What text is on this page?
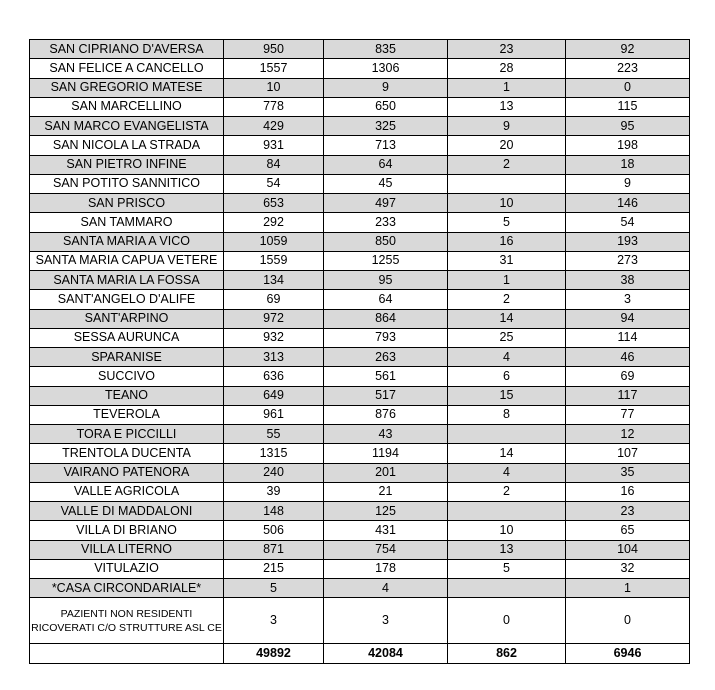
SAN CIPRIANO D'AVERSA	950	835	23	92
SAN FELICE A CANCELLO	1557	1306	28	223
SAN GREGORIO MATESE	10	9	1	0
SAN MARCELLINO	778	650	13	115
SAN MARCO EVANGELISTA	429	325	9	95
SAN NICOLA LA STRADA	931	713	20	198
SAN PIETRO INFINE	84	64	2	18
SAN POTITO SANNITICO	54	45		9
SAN PRISCO	653	497	10	146
SAN TAMMARO	292	233	5	54
SANTA MARIA A VICO	1059	850	16	193
SANTA MARIA CAPUA VETERE	1559	1255	31	273
SANTA MARIA LA FOSSA	134	95	1	38
SANT'ANGELO D'ALIFE	69	64	2	3
SANT'ARPINO	972	864	14	94
SESSA AURUNCA	932	793	25	114
SPARANISE	313	263	4	46
SUCCIVO	636	561	6	69
TEANO	649	517	15	117
TEVEROLA	961	876	8	77
TORA E PICCILLI	55	43		12
TRENTOLA DUCENTA	1315	1194	14	107
VAIRANO PATENORA	240	201	4	35
VALLE AGRICOLA	39	21	2	16
VALLE DI MADDALONI	148	125		23
VILLA DI BRIANO	506	431	10	65
VILLA LITERNO	871	754	13	104
VITULAZIO	215	178	5	32
*CASA CIRCONDARIALE*	5	4		1
PAZIENTI NON RESIDENTI RICOVERATI C/O STRUTTURE ASL CE	3	3	0	0
	49892	42084	862	6946
